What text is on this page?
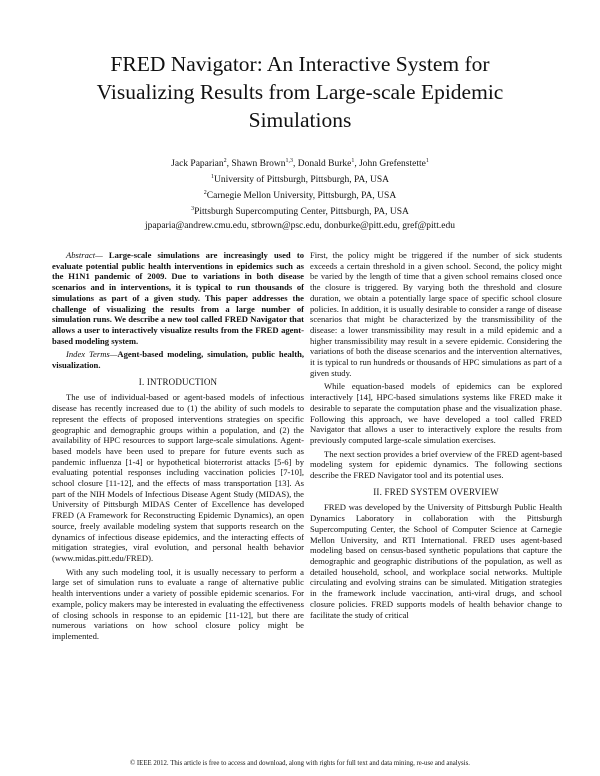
FRED Navigator: An Interactive System for Visualizing Results from Large-scale Epidemic Simulations
Jack Paparian$^2$, Shawn Brown$^{1,3}$, Donald Burke$^1$, John Grefenstette$^1$
$^1$University of Pittsburgh, Pittsburgh, PA, USA
$^2$Carnegie Mellon University, Pittsburgh, PA, USA
$^3$Pittsburgh Supercomputing Center, Pittsburgh, PA, USA
jpaparia@andrew.cmu.edu, stbrown@psc.edu, donburke@pitt.edu, gref@pitt.edu

Abstract— Large-scale simulations are increasingly used to evaluate potential public health interventions in epidemics such as the H1N1 pandemic of 2009. Due to variations in both disease scenarios and in interventions, it is typical to run thousands of simulations as part of a given study. This paper addresses the challenge of visualizing the results from a large number of simulation runs. We describe a new tool called FRED Navigator that allows a user to interactively visualize results from the FRED agent-based modeling system.

Index Terms—Agent-based modeling, simulation, public health, visualization.

I. INTRODUCTION

The use of individual-based or agent-based models of infectious disease has recently increased due to (1) the ability of such models to represent the effects of proposed interventions strategies on specific geographic and demographic groups within a population, and (2) the availability of HPC resources to support large-scale simulations. Agent-based models have been used to prepare for future events such as pandemic influenza [1-4] or hypothetical bioterrorist attacks [5-6] by evaluating potential responses including vaccination policies [7-10], school closure [11-12], and the effects of mass transportation [13]. As part of the NIH Models of Infectious Disease Agent Study (MIDAS), the University of Pittsburgh MIDAS Center of Excellence has developed FRED (A Framework for Reconstructing Epidemic Dynamics), an open source, freely available modeling system that supports research on the dynamics of infectious disease epidemics, and the interacting effects of mitigation strategies, viral evolution, and personal health behavior (www.midas.pitt.edu/FRED).

With any such modeling tool, it is usually necessary to perform a large set of simulation runs to evaluate a range of alternative public health interventions under a variety of possible epidemic scenarios. For example, policy makers may be interested in evaluating the effectiveness of closing schools in response to an epidemic [11-12], but there are numerous variations on how school closure policy might be implemented.

First, the policy might be triggered if the number of sick students exceeds a certain threshold in a given school. Second, the policy might be varied by the length of time that a given school remains closed once the closure is triggered. By varying both the threshold and closure duration, we obtain a potentially large space of specific school closure policies. In addition, it is usually desirable to consider a range of disease scenarios that might be characterized by the transmissibility of the disease: a lower transmissibility may result in a mild epidemic and a higher transmissibility may result in a severe epidemic. Considering the variations of both the disease scenarios and the intervention alternatives, it is typical to run hundreds or thousands of HPC simulations as part of a given study.

While equation-based models of epidemics can be explored interactively [14], HPC-based simulations systems like FRED make it desirable to separate the computation phase and the visualization phase. Following this approach, we have developed a tool called FRED Navigator that allows a user to interactively explore the results from previously computed large-scale simulation exercises.

The next section provides a brief overview of the FRED agent-based modeling system for epidemic dynamics. The following sections describe the FRED Navigator tool and its potential uses.

II. FRED SYSTEM OVERVIEW

FRED was developed by the University of Pittsburgh Public Health Dynamics Laboratory in collaboration with the Pittsburgh Supercomputing Center, the School of Computer Science at Carnegie Mellon University, and RTI International. FRED uses agent-based modeling based on census-based synthetic populations that capture the demographic and geographic distributions of the population, as well as detailed household, school, and workplace social networks. Multiple circulating and evolving strains can be simulated. Mitigation strategies in the framework include vaccination, anti-viral drugs, and school closure policies. FRED supports models of health behavior change to facilitate the study of critical

© IEEE 2012. This article is free to access and download, along with rights for full text and data mining, re-use and analysis.
